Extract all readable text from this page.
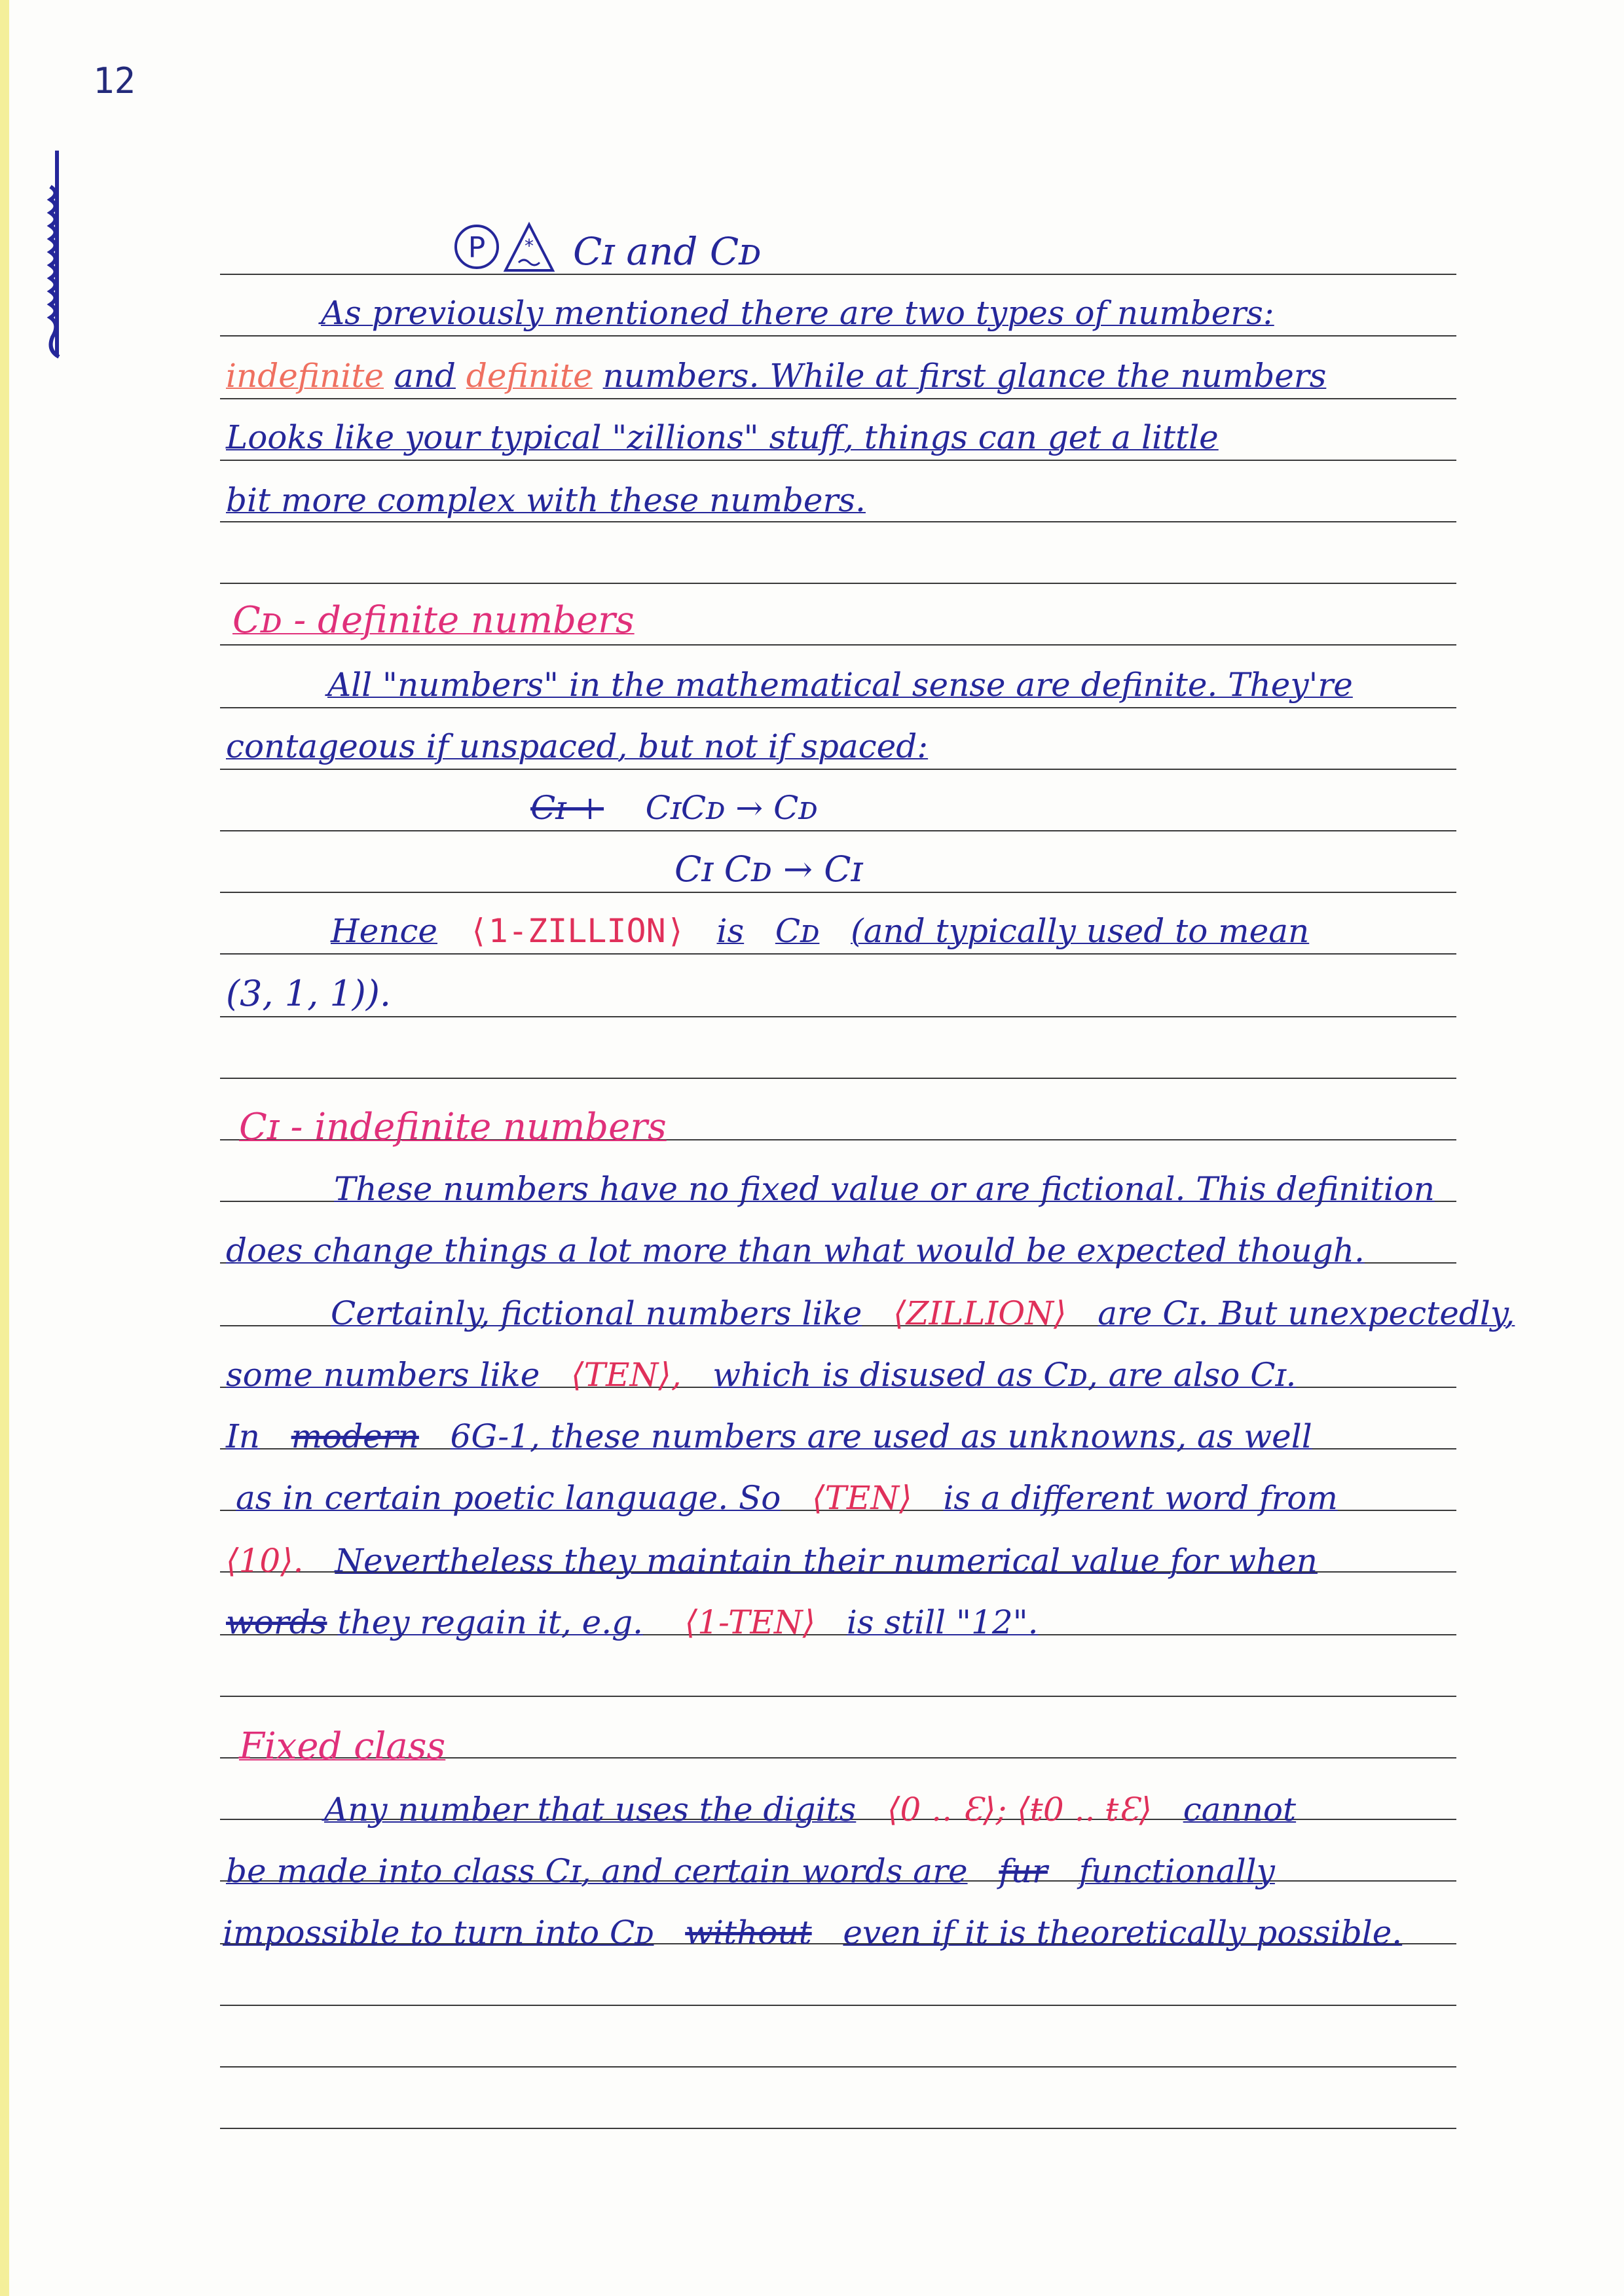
12
P * Cɪ and Cᴅ
As previously mentioned there are two types of numbers:
indefinite and definite numbers. While at first glance the numbers
Looks like your typical "zillions" stuff, things can get a little
bit more complex with these numbers.
Cᴅ - definite numbers
All "numbers" in the mathematical sense are definite. They're
contageous if unspaced, but not if spaced:
Cɪ + CɪCᴅ → Cᴅ
Cɪ Cᴅ → Cɪ
Hence ⟨1-ZILLION⟩ is Cᴅ (and typically used to mean
(3, 1, 1)).
Cɪ - indefinite numbers
These numbers have no fixed value or are fictional. This definition
does change things a lot more than what would be expected though.
Certainly, fictional numbers like ⟨ZILLION⟩ are Cɪ. But unexpectedly,
some numbers like ⟨TEN⟩, which is disused as Cᴅ, are also Cɪ.
In modern 6G-1, these numbers are used as unknowns, as well
as in certain poetic language. So ⟨TEN⟩ is a different word from
⟨10⟩. Nevertheless they maintain their numerical value for when
words they regain it, e.g. ⟨1-TEN⟩ is still "12".
Fixed class
Any number that uses the digits ⟨0 .. Ɛ⟩; ⟨ŧ0 .. ŧƐ⟩ cannot
be made into class Cɪ, and certain words are fur functionally
impossible to turn into Cᴅ without even if it is theoretically possible.
